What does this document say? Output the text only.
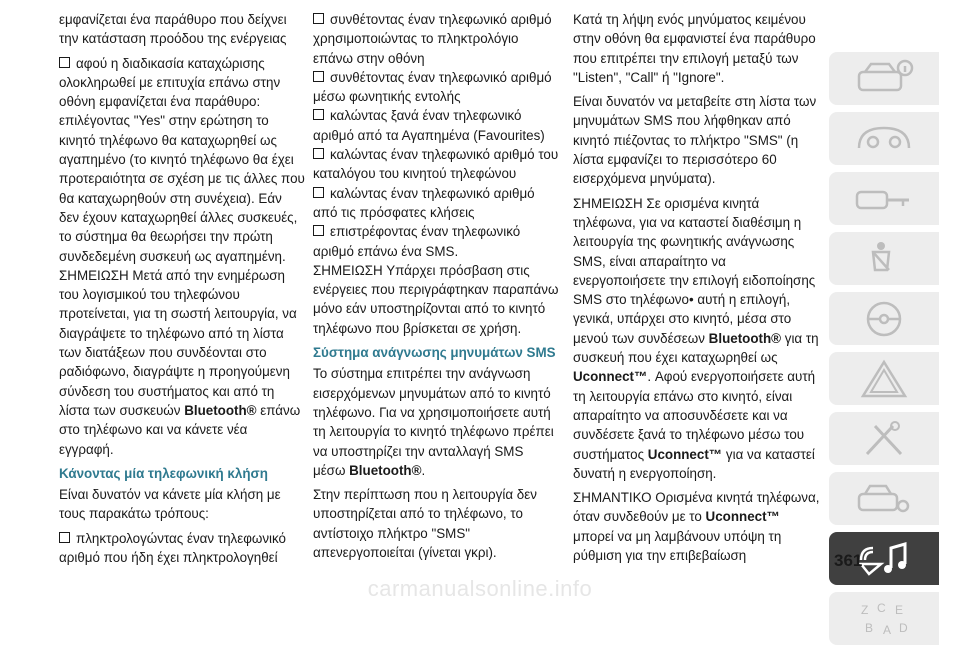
εμφανίζεται ένα παράθυρο που δείχνει την κατάσταση προόδου της ενέργειας

αφού η διαδικασία καταχώρισης ολοκληρωθεί με επιτυχία επάνω στην οθόνη εμφανίζεται ένα παράθυρο: επιλέγοντας "Yes" στην ερώτηση το κινητό τηλέφωνο θα καταχωρηθεί ως αγαπημένο (το κινητό τηλέφωνο θα έχει προτεραιότητα σε σχέση με τις άλλες που θα καταχωρηθούν στη συνέχεια). Εάν δεν έχουν καταχωρηθεί άλλες συσκευές, το σύστημα θα θεωρήσει την πρώτη συνδεδεμένη συσκευή ως αγαπημένη.

ΣΗΜΕΙΩΣΗ Μετά από την ενημέρωση του λογισμικού του τηλεφώνου προτείνεται, για τη σωστή λειτουργία, να διαγράψετε το τηλέφωνο από τη λίστα των διατάξεων που συνδέονται στο ραδιόφωνο, διαγράψτε η προηγούμενη σύνδεση του συστήματος και από τη λίστα των συσκευών Bluetooth® επάνω στο τηλέφωνο και να κάνετε νέα εγγραφή.

Κάνοντας μία τηλεφωνική κλήση

Είναι δυνατόν να κάνετε μία κλήση με τους παρακάτω τρόπους:

πληκτρολογώντας έναν τηλεφωνικό αριθμό που ήδη έχει πληκτρολογηθεί

συνθέτοντας έναν τηλεφωνικό αριθμό χρησιμοποιώντας το πληκτρολόγιο επάνω στην οθόνη

συνθέτοντας έναν τηλεφωνικό αριθμό μέσω φωνητικής εντολής

καλώντας ξανά έναν τηλεφωνικό αριθμό από τα Αγαπημένα (Favourites)

καλώντας έναν τηλεφωνικό αριθμό του καταλόγου του κινητού τηλεφώνου

καλώντας έναν τηλεφωνικό αριθμό από τις πρόσφατες κλήσεις

επιστρέφοντας έναν τηλεφωνικό αριθμό επάνω ένα SMS.

ΣΗΜΕΙΩΣΗ Υπάρχει πρόσβαση στις ενέργειες που περιγράφτηκαν παραπάνω μόνο εάν υποστηρίζονται από το κινητό τηλέφωνο που βρίσκεται σε χρήση.

Σύστημα ανάγνωσης μηνυμάτων SMS

Το σύστημα επιτρέπει την ανάγνωση εισερχόμενων μηνυμάτων από το κινητό τηλέφωνο. Για να χρησιμοποιήσετε αυτή τη λειτουργία το κινητό τηλέφωνο πρέπει να υποστηρίζει την ανταλλαγή SMS μέσω Bluetooth®.

Στην περίπτωση που η λειτουργία δεν υποστηρίζεται από το τηλέφωνο, το αντίστοιχο πλήκτρο "SMS" απενεργοποιείται (γίνεται γκρι).

Κατά τη λήψη ενός μηνύματος κειμένου στην οθόνη θα εμφανιστεί ένα παράθυρο που επιτρέπει την επιλογή μεταξύ των "Listen", "Call" ή "Ignore".

Είναι δυνατόν να μεταβείτε στη λίστα των μηνυμάτων SMS που λήφθηκαν από κινητό πιέζοντας το πλήκτρο "SMS" (η λίστα εμφανίζει το περισσότερο 60 εισερχόμενα μηνύματα).

ΣΗΜΕΙΩΣΗ Σε ορισμένα κινητά τηλέφωνα, για να καταστεί διαθέσιμη η λειτουργία της φωνητικής ανάγνωσης SMS, είναι απαραίτητο να ενεργοποιήσετε την επιλογή ειδοποίησης SMS στο τηλέφωνο• αυτή η επιλογή, γενικά, υπάρχει στο κινητό, μέσα στο μενού των συνδέσεων Bluetooth® για τη συσκευή που έχει καταχωρηθεί ως Uconnect™. Αφού ενεργοποιήσετε αυτή τη λειτουργία επάνω στο κινητό, είναι απαραίτητο να αποσυνδέσετε και να συνδέσετε ξανά το τηλέφωνο μέσω του συστήματος Uconnect™ για να καταστεί δυνατή η ενεργοποίηση.

ΣΗΜΑΝΤΙΚΟ Ορισμένα κινητά τηλέφωνα, όταν συνδεθούν με το Uconnect™ μπορεί να μη λαμβάνουν υπόψη τη ρύθμιση για την επιβεβαίωση

Z C E
B A D
361
carmanualsonline.info
